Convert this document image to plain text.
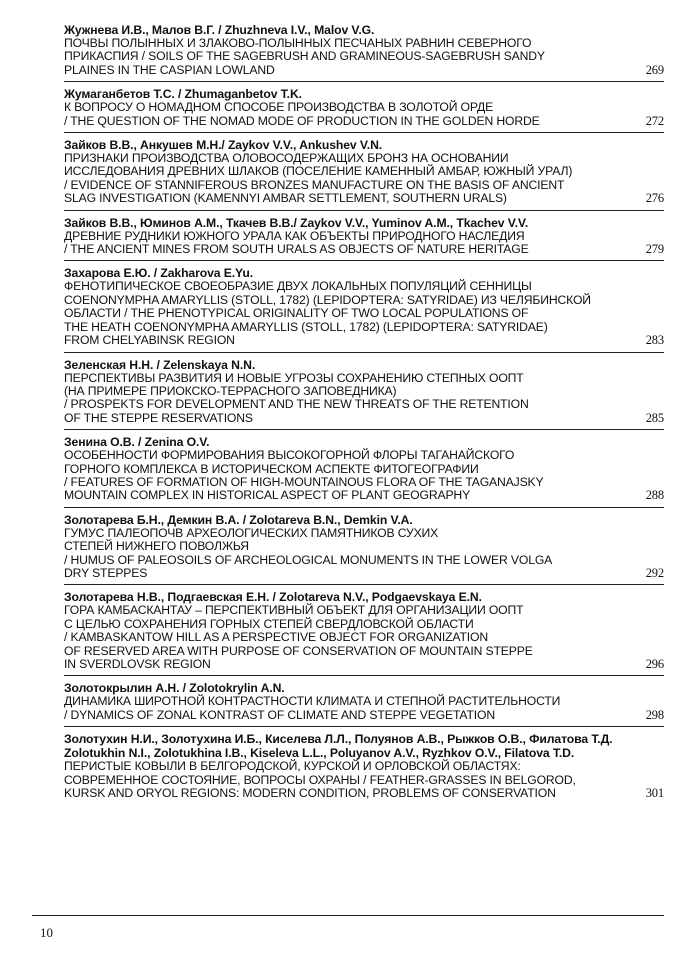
Жужнева И.В., Малов В.Г. / Zhuzhneva I.V., Malov V.G.
ПОЧВЫ ПОЛЫННЫХ И ЗЛАКОВО-ПОЛЫННЫХ ПЕСЧАНЫХ РАВНИН СЕВЕРНОГО
ПРИКАСПИЯ / SOILS OF THE SAGEBRUSH AND GRAMINEOUS-SAGEBRUSH SANDY
PLAINES IN THE CASPIAN LOWLAND	269
Жумаганбетов Т.С. / Zhumaganbetov T.K.
К ВОПРОСУ О НОМАДНОМ СПОСОБЕ ПРОИЗВОДСТВА В ЗОЛОТОЙ ОРДЕ
/ THE QUESTION OF THE NOMAD MODE OF PRODUCTION IN THE GOLDEN HORDE	272
Зайков В.В., Анкушев М.Н./ Zaykov V.V., Ankushev V.N.
ПРИЗНАКИ ПРОИЗВОДСТВА ОЛОВОСОДЕРЖАЩИХ БРОНЗ НА ОСНОВАНИИ
ИССЛЕДОВАНИЯ ДРЕВНИХ ШЛАКОВ (ПОСЕЛЕНИЕ КАМЕННЫЙ АМБАР, ЮЖНЫЙ УРАЛ)
/ EVIDENCE OF STANNIFEROUS BRONZES MANUFACTURE ON THE BASIS OF ANCIENT
SLAG INVESTIGATION (KAMENNYI AMBAR SETTLEMENT, SOUTHERN URALS)	276
Зайков В.В., Юминов А.М., Ткачев В.В./ Zaykov V.V., Yuminov A.M., Tkachev V.V.
ДРЕВНИЕ РУДНИКИ ЮЖНОГО УРАЛА КАК ОБЪЕКТЫ ПРИРОДНОГО НАСЛЕДИЯ
/ THE ANCIENT MINES FROM SOUTH URALS AS OBJECTS OF NATURE HERITAGE	279
Захарова Е.Ю. / Zakharova E.Yu.
ФЕНОТИПИЧЕСКОЕ СВОЕОБРАЗИЕ ДВУХ ЛОКАЛЬНЫХ ПОПУЛЯЦИЙ СЕННИЦЫ
COENONYMPHA AMARYLLIS (STOLL, 1782) (LEPIDOPTERA: SATYRIDAE) ИЗ ЧЕЛЯБИНСКОЙ
ОБЛАСТИ / THE PHENOTYPICAL ORIGINALITY OF TWO LOCAL POPULATIONS OF
THE HEATH COENONYMPHA AMARYLLIS (STOLL, 1782) (LEPIDOPTERA: SATYRIDAE)
FROM CHELYABINSK REGION	283
Зеленская Н.Н. / Zelenskaya N.N.
ПЕРСПЕКТИВЫ РАЗВИТИЯ И НОВЫЕ УГРОЗЫ СОХРАНЕНИЮ СТЕПНЫХ ООПТ
(НА ПРИМЕРЕ ПРИОКСКО-ТЕРРАСНОГО ЗАПОВЕДНИКА)
/ PROSPEKTS FOR DEVELOPMENT AND THE NEW THREATS OF THE RETENTION
OF THE STEPPE RESERVATIONS	285
Зенина О.В. / Zenina O.V.
ОСОБЕННОСТИ ФОРМИРОВАНИЯ ВЫСОКОГОРНОЙ ФЛОРЫ ТАГАНАЙСКОГО
ГОРНОГО КОМПЛЕКСА В ИСТОРИЧЕСКОМ АСПЕКТЕ ФИТОГЕОГРАФИИ
/ FEATURES OF FORMATION OF HIGH-MOUNTAINOUS FLORA OF THE TAGANAJSKY
MOUNTAIN COMPLEX IN HISTORICAL ASPECT OF PLANT GEOGRAPHY	288
Золотарева Б.Н., Демкин В.А. / Zolotareva B.N., Demkin V.A.
ГУМУС ПАЛЕОПОЧВ АРХЕОЛОГИЧЕСКИХ ПАМЯТНИКОВ СУХИХ
СТЕПЕЙ НИЖНЕГО ПОВОЛЖЬЯ
/ HUMUS OF PALEOSOILS OF ARCHEOLOGICAL MONUMENTS IN THE LOWER VOLGA
DRY STEPPES	292
Золотарева Н.В., Подгаевская Е.Н. / Zolotareva N.V., Podgaevskaya E.N.
ГОРА КАМБАСКАНТАУ – ПЕРСПЕКТИВНЫЙ ОБЪЕКТ ДЛЯ ОРГАНИЗАЦИИ ООПТ
С ЦЕЛЬЮ СОХРАНЕНИЯ ГОРНЫХ СТЕПЕЙ СВЕРДЛОВСКОЙ ОБЛАСТИ
/ KAMBASKANTOW HILL AS A PERSPECTIVE OBJECT FOR ORGANIZATION
OF RESERVED AREA WITH PURPOSE OF CONSERVATION OF MOUNTAIN STEPPE
IN SVERDLOVSK REGION	296
Золотокрылин А.Н. / Zolotokrylin A.N.
ДИНАМИКА ШИРОТНОЙ КОНТРАСТНОСТИ КЛИМАТА И СТЕПНОЙ РАСТИТЕЛЬНОСТИ
/ DYNAMICS OF ZONAL KONTRAST OF CLIMATE AND STEPPE VEGETATION	298
Золотухин Н.И., Золотухина И.Б., Киселева Л.Л., Полуянов А.В., Рыжков О.В., Филатова Т.Д.
Zolotukhin N.I., Zolotukhina I.B., Kiseleva L.L., Poluyanov A.V., Ryzhkov O.V., Filatova T.D.
ПЕРИСТЫЕ КОВЫЛИ В БЕЛГОРОДСКОЙ, КУРСКОЙ И ОРЛОВСКОЙ ОБЛАСТЯХ:
СОВРЕМЕННОЕ СОСТОЯНИЕ, ВОПРОСЫ ОХРАНЫ / FEATHER-GRASSES IN BELGOROD,
KURSK AND ORYOL REGIONS: MODERN CONDITION, PROBLEMS OF CONSERVATION	301
10
